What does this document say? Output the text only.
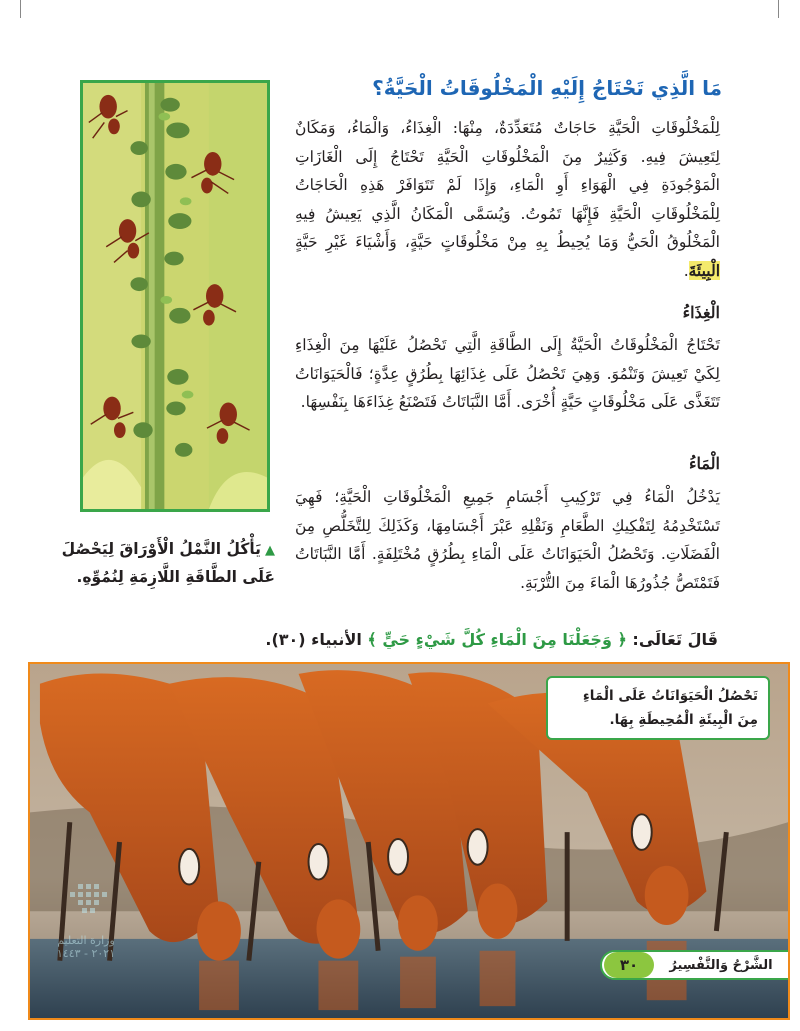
▲يَأْكُلُ النَّمْلُ الْأَوْرَاقَ لِيَحْصُلَ عَلَى الطَّاقَةِ اللَّازِمَةِ لِنُمُوِّهِ.
مَا الَّذِي تَحْتَاجُ إِلَيْهِ الْمَخْلُوقَاتُ الْحَيَّةُ؟
لِلْمَخْلُوقَاتِ الْحَيَّةِ حَاجَاتٌ مُتَعَدِّدَةٌ، مِنْهَا: الْغِذَاءُ، وَالْمَاءُ، وَمَكَانٌ لِتَعِيشَ فِيهِ. وَكَثِيرٌ مِنَ الْمَخْلُوقَاتِ الْحَيَّةِ تَحْتَاجُ إِلَى الْغَازَاتِ الْمَوْجُودَةِ فِي الْهَوَاءِ أَوِ الْمَاءِ، وَإِذَا لَمْ تَتَوَافَرْ هَذِهِ الْحَاجَاتُ لِلْمَخْلُوقَاتِ الْحَيَّةِ فَإِنَّهَا تَمُوتُ. وَيُسَمَّى الْمَكَانُ الَّذِي يَعِيشُ فِيهِ الْمَخْلُوقُ الْحَيُّ وَمَا يُحِيطُ بِهِ مِنْ مَخْلُوقَاتٍ حَيَّةٍ، وَأَشْيَاءَ غَيْرِ حَيَّةٍ الْبِيئَةَ.
الْغِذَاءُ
تَحْتَاجُ الْمَخْلُوقَاتُ الْحَيَّةُ إِلَى الطَّاقَةِ الَّتِي تَحْصُلُ عَلَيْهَا مِنَ الْغِذَاءِ لِكَيْ تَعِيشَ وَتَنْمُوَ. وَهِيَ تَحْصُلُ عَلَى غِذَائِهَا بِطُرُقٍ عِدَّةٍ؛ فَالْحَيَوَانَاتُ تَتَغَذَّى عَلَى مَخْلُوقَاتٍ حَيَّةٍ أُخْرَى. أَمَّا النَّبَاتَاتُ فَتَصْنَعُ غِذَاءَهَا بِنَفْسِهَا.
الْمَاءُ
يَدْخُلُ الْمَاءُ فِي تَرْكِيبِ أَجْسَامِ جَمِيعِ الْمَخْلُوقَاتِ الْحَيَّةِ؛ فَهِيَ تَسْتَخْدِمُهُ لِتَفْكِيكِ الطَّعَامِ وَنَقْلِهِ عَبْرَ أَجْسَامِهَا، وَكَذَلِكَ لِلتَّخَلُّصِ مِنَ الْفَضَلَاتِ. وَتَحْصُلُ الْحَيَوَانَاتُ عَلَى الْمَاءِ بِطُرُقٍ مُخْتَلِفَةٍ. أَمَّا النَّبَاتَاتُ فَتَمْتَصُّ جُذُورُهَا الْمَاءَ مِنَ التُّرْبَةِ.
قَالَ تَعَالَى: ﴿ وَجَعَلْنَا مِنَ الْمَاءِ كُلَّ شَيْءٍ حَيٍّ ﴾ الأنبياء (٣٠).
تَحْصُلُ الْحَيَوَانَاتُ عَلَى الْمَاءِ مِنَ الْبِيئَةِ الْمُحِيطَةِ بِهَا.
وزارة التعليم
٢٠٢١ - ١٤٤٣
الشَّرْحُ وَالتَّفْسِيرُ
٣٠
